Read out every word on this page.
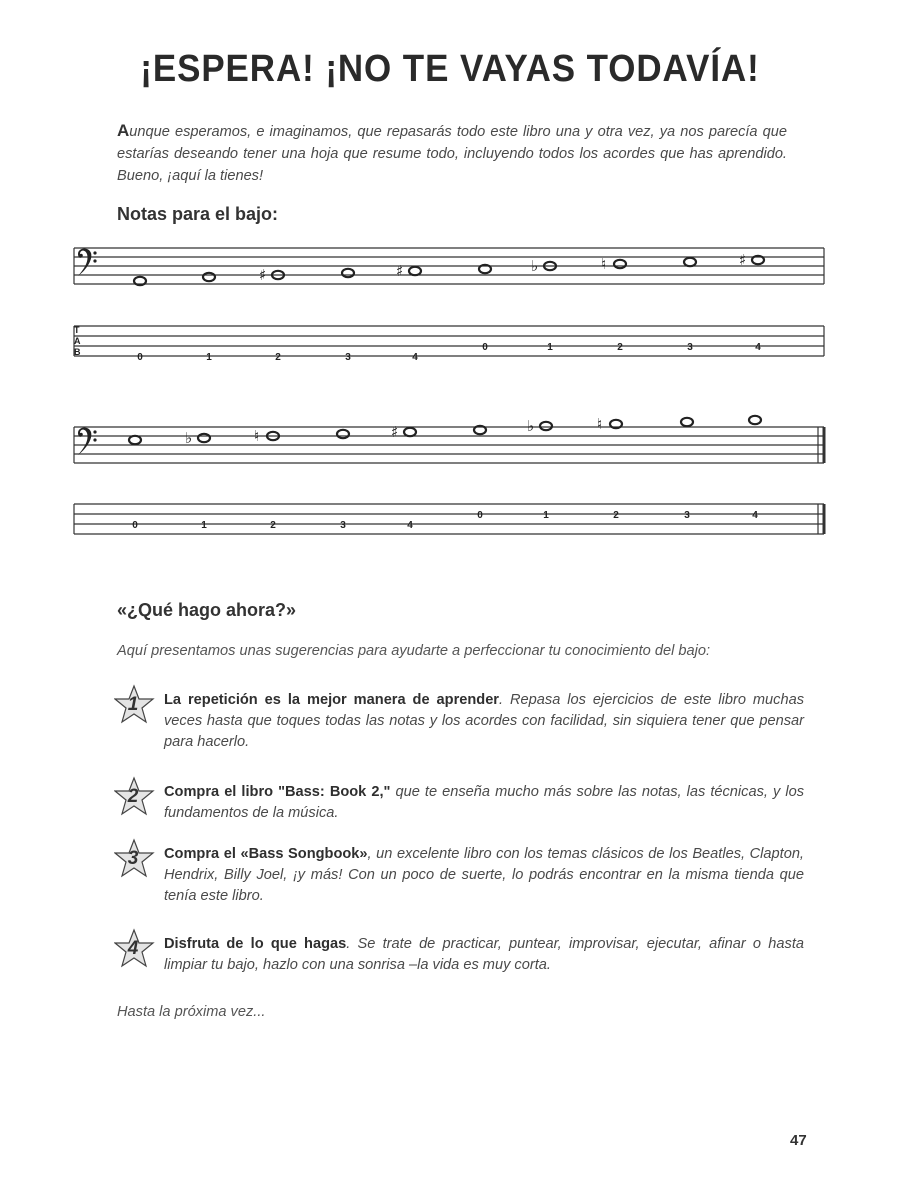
¡ESPERA! ¡NO TE VAYAS TODAVÍA!
Aunque esperamos, e imaginamos, que repasarás todo este libro una y otra vez, ya nos parecía que estarías deseando tener una hoja que resume todo, incluyendo todos los acordes que has aprendido. Bueno, ¡aquí la tienes!
Notas para el bajo:
T
A
B	0	1
♯
2	3
♯
4
0
♭
1
♮
2	3
♯
4
0
♭
1
♮
2	3
♯
4
0
♭
1
♮
2	3	4
«¿Qué hago ahora?»
Aquí presentamos unas sugerencias para ayudarte a perfeccionar tu conocimiento del bajo:
1	La repetición es la mejor manera de aprender. Repasa los ejercicios de este libro muchas veces hasta que toques todas las notas y los acordes con facilidad, sin siquiera tener que pensar para hacerlo.
2	Compra el libro "Bass: Book 2," que te enseña mucho más sobre las notas, las técnicas, y los fundamentos de la música.
3	Compra el «Bass Songbook», un excelente libro con los temas clásicos de los Beatles, Clapton, Hendrix, Billy Joel, ¡y más! Con un poco de suerte, lo podrás encontrar en la misma tienda que tenía este libro.
4	Disfruta de lo que hagas. Se trate de practicar, puntear, improvisar, ejecutar, afinar o hasta limpiar tu bajo, hazlo con una sonrisa –la vida es muy corta.
Hasta la próxima vez...
47
